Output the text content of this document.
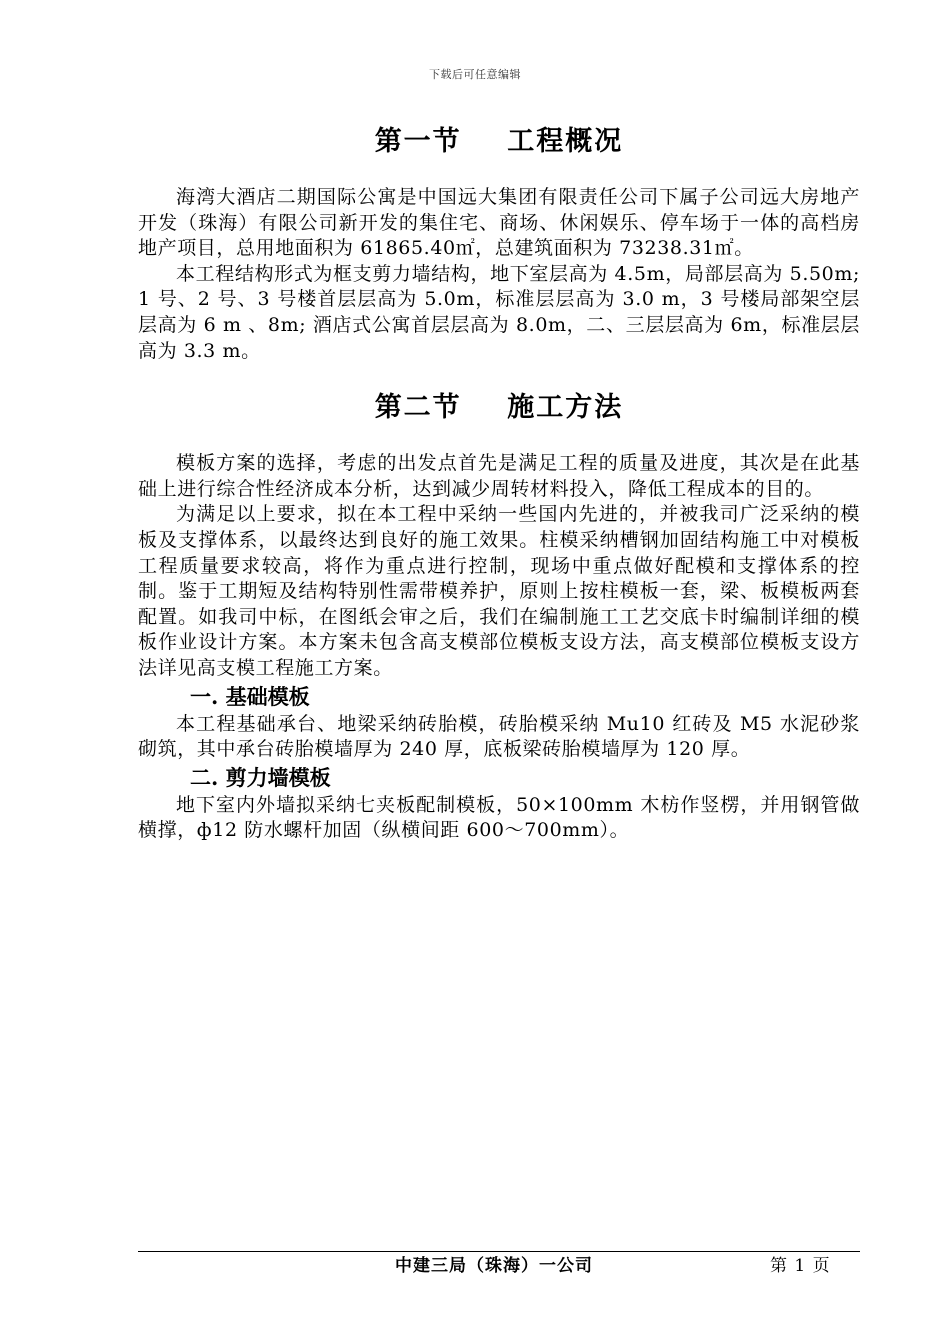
下载后可任意编辑
第一节    工程概况

海湾大酒店二期国际公寓是中国远大集团有限责任公司下属子公司远大房地产开发（珠海）有限公司新开发的集住宅、商场、休闲娱乐、停车场于一体的高档房地产项目，总用地面积为 61865.40㎡，总建筑面积为 73238.31㎡。

本工程结构形式为框支剪力墙结构，地下室层高为 4.5m，局部层高为 5.50m; 1 号、2 号、3 号楼首层层高为 5.0m，标准层层高为 3.0 m，3 号楼局部架空层层高为 6 m 、8m; 酒店式公寓首层层高为 8.0m，二、三层层高为 6m，标准层层高为 3.3 m。

第二节    施工方法

模板方案的选择，考虑的出发点首先是满足工程的质量及进度，其次是在此基础上进行综合性经济成本分析，达到减少周转材料投入，降低工程成本的目的。

为满足以上要求，拟在本工程中采纳一些国内先进的，并被我司广泛采纳的模板及支撑体系，以最终达到良好的施工效果。柱模采纳槽钢加固结构施工中对模板工程质量要求较高，将作为重点进行控制，现场中重点做好配模和支撑体系的控制。鉴于工期短及结构特别性需带模养护，原则上按柱模板一套，梁、板模板两套配置。如我司中标，在图纸会审之后，我们在编制施工工艺交底卡时编制详细的模板作业设计方案。本方案未包含高支模部位模板支设方法，高支模部位模板支设方法详见高支模工程施工方案。

一. 基础模板

本工程基础承台、地梁采纳砖胎模，砖胎模采纳 Mu10 红砖及 M5 水泥砂浆砌筑，其中承台砖胎模墙厚为 240 厚，底板梁砖胎模墙厚为 120 厚。

二. 剪力墙模板

地下室内外墙拟采纳七夹板配制模板，50×100mm 木枋作竖楞，并用钢管做横撑，ф12 防水螺杆加固（纵横间距 600～700mm）。

中建三局（珠海）一公司	第 1 页
